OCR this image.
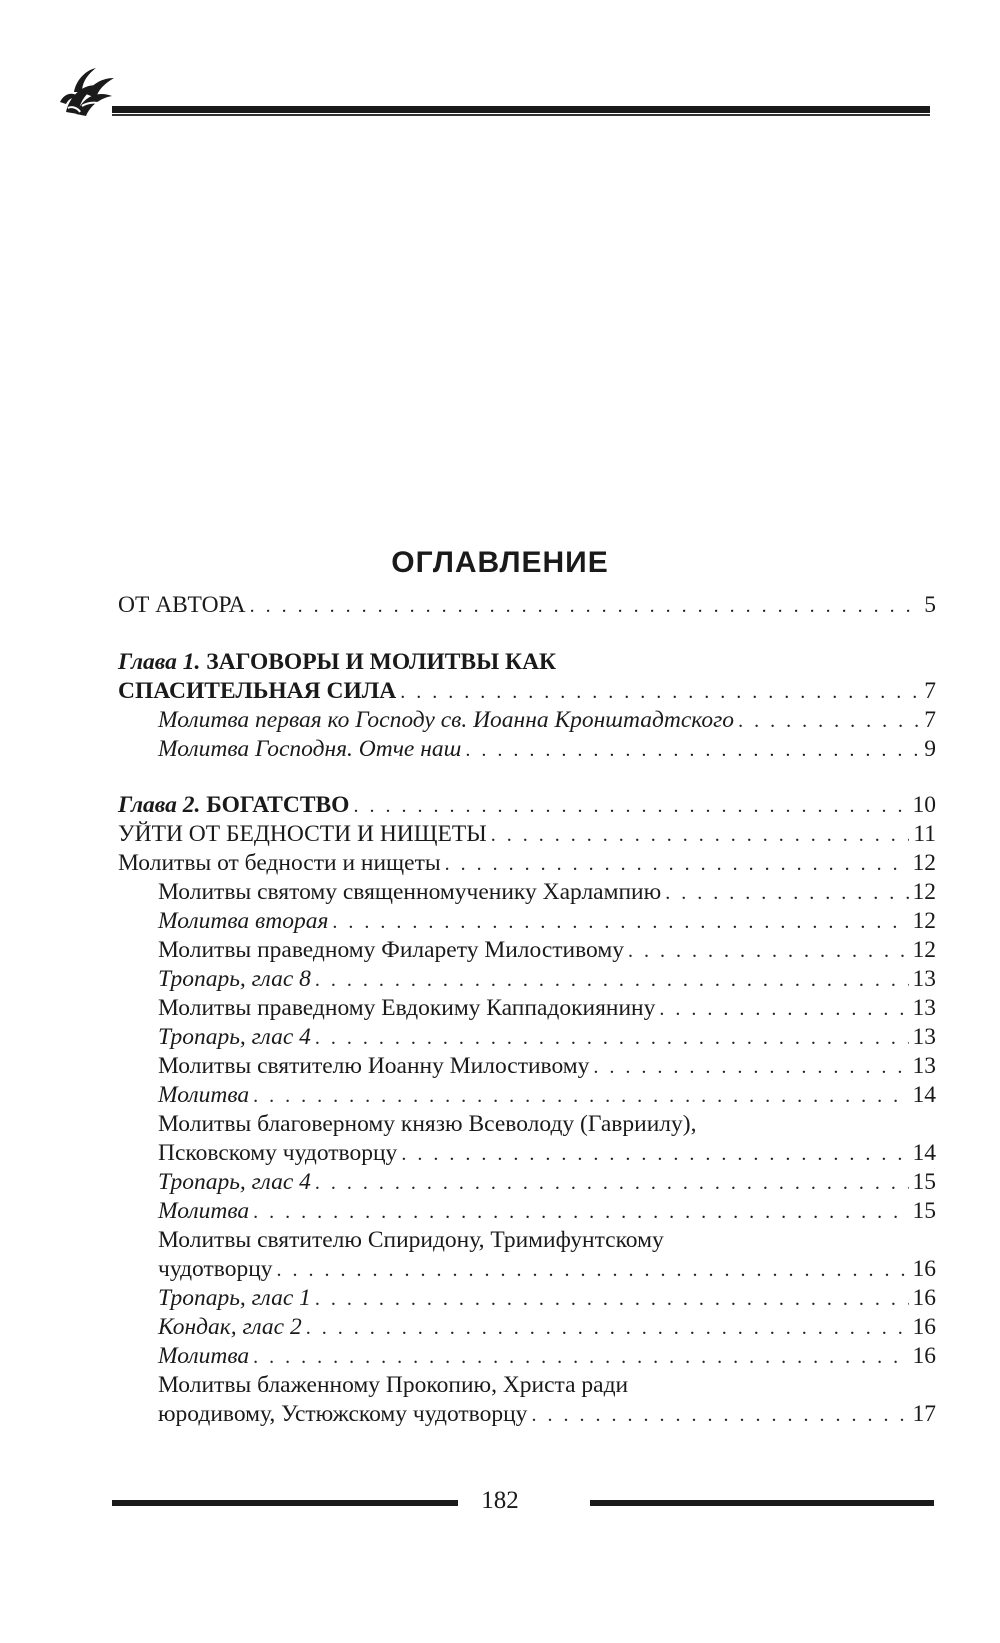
ОГЛАВЛЕНИЕ
ОТ АВТОРА . . .	5
Глава 1. ЗАГОВОРЫ И МОЛИТВЫ КАК
СПАСИТЕЛЬНАЯ СИЛА . . .	7
Молитва первая ко Господу св. Иоанна Кронштадтского . . .	7
Молитва Господня. Отче наш . . .	9
Глава 2. БОГАТСТВО . . .	10
УЙТИ ОТ БЕДНОСТИ И НИЩЕТЫ . . .	11
Молитвы от бедности и нищеты . . .	12
Молитвы святому священномученику Харлампию . . .	12
Молитва вторая . . .	12
Молитвы праведному Филарету Милостивому . . .	12
Тропарь, глас 8 . . .	13
Молитвы праведному Евдокиму Каппадокиянину . . .	13
Тропарь, глас 4 . . .	13
Молитвы святителю Иоанну Милостивому . . .	13
Молитва . . .	14
Молитвы благоверному князю Всеволоду (Гавриилу),
Псковскому чудотворцу . . .	14
Тропарь, глас 4 . . .	15
Молитва . . .	15
Молитвы святителю Спиридону, Тримифунтскому
чудотворцу . . .	16
Тропарь, глас 1 . . .	16
Кондак, глас 2 . . .	16
Молитва . . .	16
Молитвы блаженному Прокопию, Христа ради
юродивому, Устюжскому чудотворцу . . .	17
182
